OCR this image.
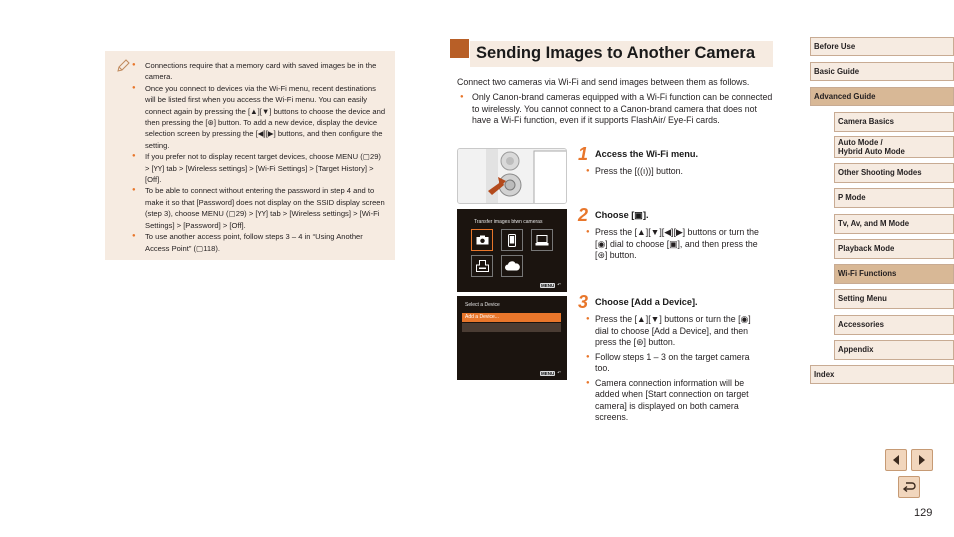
● Connections require that a memory card with saved images be in the camera.
● Once you connect to devices via the Wi-Fi menu, recent destinations will be listed first when you access the Wi-Fi menu. You can easily connect again by pressing the [▲][▼] buttons to choose the device and then pressing the [⊛] button. To add a new device, display the device selection screen by pressing the [◀][▶] buttons, and then configure the setting.
● If you prefer not to display recent target devices, choose MENU (▢29) > [ҮҮ] tab > [Wireless settings] > [Wi-Fi Settings] > [Target History] > [Off].
● To be able to connect without entering the password in step 4 and to make it so that [Password] does not display on the SSID display screen (step 3), choose MENU (▢29) > [ҮҮ] tab > [Wireless settings] > [Wi-Fi Settings] > [Password] > [Off].
● To use another access point, follow steps 3 – 4 in “Using Another Access Point” (▢118).
Sending Images to Another Camera

Connect two cameras via Wi-Fi and send images between them as follows.

● Only Canon-brand cameras equipped with a Wi-Fi function can be connected to wirelessly. You cannot connect to a Canon-brand camera that does not have a Wi-Fi function, even if it supports FlashAir/ Eye-Fi cards.

Transfer images btwn cameras
MENU ↶
Select a Device
Add a Device...
MENU ↶
1 Access the Wi-Fi menu.
● Press the [((ı))] button.
2 Choose [▣].
● Press the [▲][▼][◀][▶] buttons or turn the [◉] dial to choose [▣], and then press the [⊛] button.
3 Choose [Add a Device].
● Press the [▲][▼] buttons or turn the [◉] dial to choose [Add a Device], and then press the [⊛] button.
● Follow steps 1 – 3 on the target camera too.
● Camera connection information will be added when [Start connection on target camera] is displayed on both camera screens.
Before Use
Basic Guide
Advanced Guide
Camera Basics
Auto Mode /
Hybrid Auto Mode
Other Shooting Modes
P Mode
Tv, Av, and M Mode
Playback Mode
Wi-Fi Functions
Setting Menu
Accessories
Appendix
Index
129
